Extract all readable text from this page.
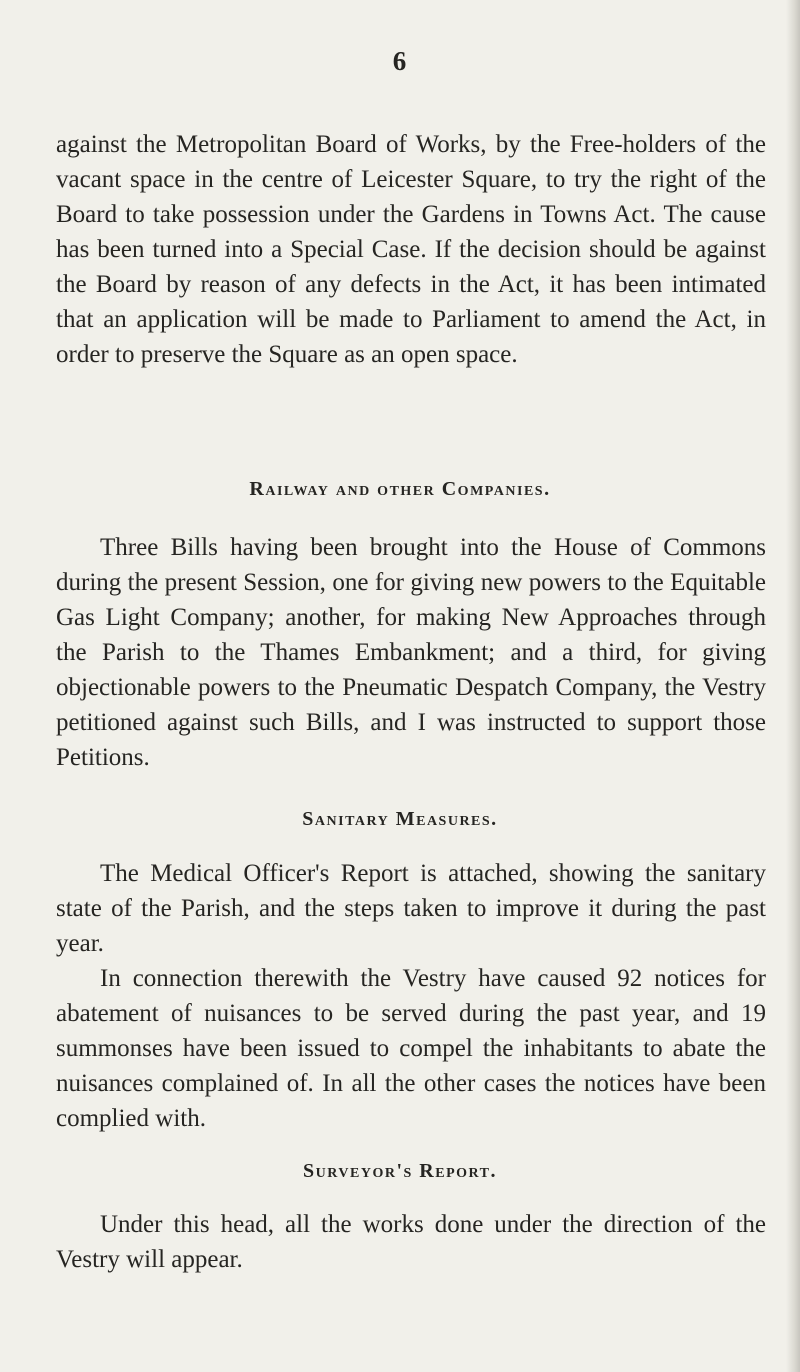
6

against the Metropolitan Board of Works, by the Free-holders of the vacant space in the centre of Leicester Square, to try the right of the Board to take possession under the Gardens in Towns Act. The cause has been turned into a Special Case. If the decision should be against the Board by reason of any defects in the Act, it has been intimated that an application will be made to Parliament to amend the Act, in order to preserve the Square as an open space.

Railway and other Companies.

Three Bills having been brought into the House of Commons during the present Session, one for giving new powers to the Equitable Gas Light Company; another, for making New Approaches through the Parish to the Thames Embankment; and a third, for giving objectionable powers to the Pneumatic Despatch Company, the Vestry petitioned against such Bills, and I was instructed to support those Petitions.

Sanitary Measures.

The Medical Officer's Report is attached, showing the sanitary state of the Parish, and the steps taken to improve it during the past year.

In connection therewith the Vestry have caused 92 notices for abatement of nuisances to be served during the past year, and 19 summonses have been issued to compel the inhabitants to abate the nuisances complained of. In all the other cases the notices have been complied with.

Surveyor's Report.

Under this head, all the works done under the direction of the Vestry will appear.
